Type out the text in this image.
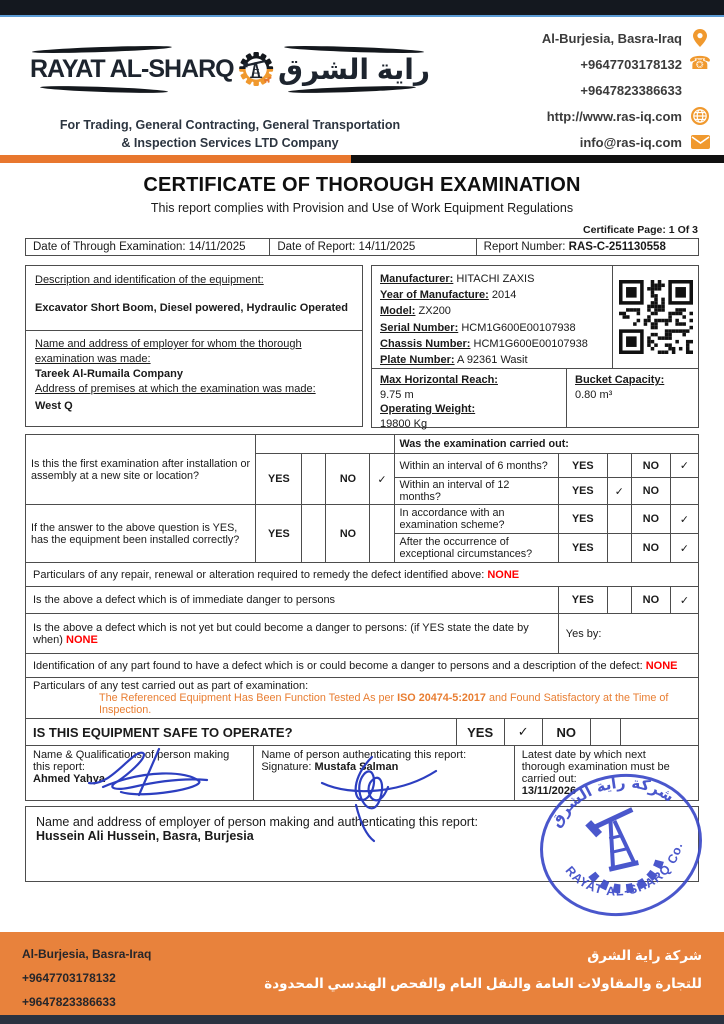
RAYAT AL-SHARQ راية الشرق
For Trading, General Contracting, General Transportation
& Inspection Services LTD Company
Al-Burjesia, Basra-Iraq
+9647703178132 ☎
+9647823386633
http://www.ras-iq.com
info@ras-iq.com
CERTIFICATE OF THOROUGH EXAMINATION
This report complies with Provision and Use of Work Equipment Regulations
Certificate Page: 1 Of 3
Date of Through Examination: 14/11/2025	Date of Report: 14/11/2025	Report Number: RAS-C-251130558
Description and identification of the equipment:
Excavator Short Boom, Diesel powered, Hydraulic Operated
Name and address of employer for whom the thorough examination was made:
Tareek Al-Rumaila Company
Address of premises at which the examination was made:
West Q
Manufacturer: HITACHI ZAXIS
Year of Manufacture: 2014
Model: ZX200
Serial Number: HCM1G600E00107938
Chassis Number: HCM1G600E00107938
Plate Number: A 92361 Wasit
Max Horizontal Reach:
9.75 m
Operating Weight:
19800 Kg
Bucket Capacity:
0.80 m³
Is this the first examination after installation or assembly at a new site or location?					Was the examination carried out:				
	YES		NO	✓	Within an interval of 6 months?	YES		NO	✓
					Within an interval of 12 months?	YES	✓	NO	
If the answer to the above question is YES, has the equipment been installed correctly?	YES		NO		In accordance with an examination scheme?	YES		NO	✓
					After the occurrence of exceptional circumstances?	YES		NO	✓
Particulars of any repair, renewal or alteration required to remedy the defect identified above: NONE
Is the above a defect which is of immediate danger to persons	YES		NO	✓
Is the above a defect which is not yet but could become a danger to persons: (if YES state the date by when) NONE	Yes by:
Identification of any part found to have a defect which is or could become a danger to persons and a description of the defect: NONE
Particulars of any test carried out as part of examination:
The Referenced Equipment Has Been Function Tested As per ISO 20474-5:2017 and Found Satisfactory at the Time of Inspection.
IS THIS EQUIPMENT SAFE TO OPERATE?	YES	✓	NO		
Name & Qualifications of person making this report:
Ahmed Yahya

Name of person authenticating this report:
Signature: Mustafa Salman

Latest date by which next thorough examination must be carried out:
13/11/2026
Name and address of employer of person making and authenticating this report:
Hussein Ali Hussein, Basra, Burjesia
شركة راية الشرق
RAYAT AL-SHARQ Co.
Al-Burjesia, Basra-Iraq
+9647703178132
+9647823386633
شركة راية الشرق
للتجارة والمقاولات العامة والنقل العام والفحص الهندسي المحدودة
